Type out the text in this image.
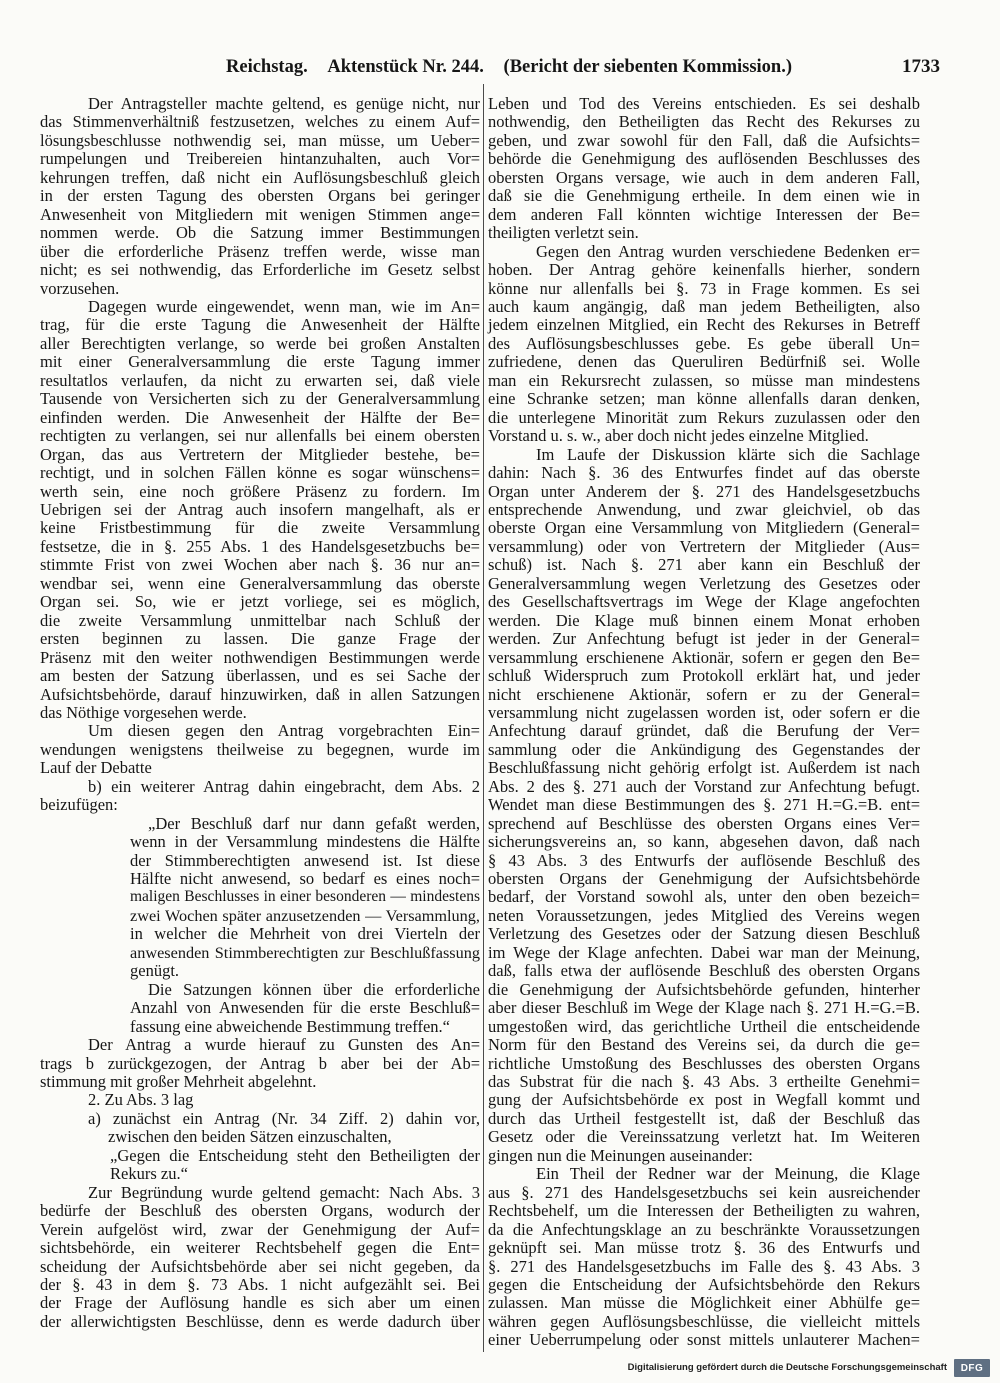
Reichstag. Aktenstück Nr. 244. (Bericht der siebenten Kommission.)	1733
Der Antragsteller machte geltend, es genüge nicht, nur
das Stimmenverhältniß festzusetzen, welches zu einem Auf=
lösungsbeschlusse nothwendig sei, man müsse, um Ueber=
rumpelungen und Treibereien hintanzuhalten, auch Vor=
kehrungen treffen, daß nicht ein Auflösungsbeschluß gleich
in der ersten Tagung des obersten Organs bei geringer
Anwesenheit von Mitgliedern mit wenigen Stimmen ange=
nommen werde. Ob die Satzung immer Bestimmungen
über die erforderliche Präsenz treffen werde, wisse man
nicht; es sei nothwendig, das Erforderliche im Gesetz selbst
vorzusehen.
Dagegen wurde eingewendet, wenn man, wie im An=
trag, für die erste Tagung die Anwesenheit der Hälfte
aller Berechtigten verlange, so werde bei großen Anstalten
mit einer Generalversammlung die erste Tagung immer
resultatlos verlaufen, da nicht zu erwarten sei, daß viele
Tausende von Versicherten sich zu der Generalversammlung
einfinden werden. Die Anwesenheit der Hälfte der Be=
rechtigten zu verlangen, sei nur allenfalls bei einem obersten
Organ, das aus Vertretern der Mitglieder bestehe, be=
rechtigt, und in solchen Fällen könne es sogar wünschens=
werth sein, eine noch größere Präsenz zu fordern. Im
Uebrigen sei der Antrag auch insofern mangelhaft, als er
keine Fristbestimmung für die zweite Versammlung
festsetze, die in §. 255 Abs. 1 des Handelsgesetzbuchs be=
stimmte Frist von zwei Wochen aber nach §. 36 nur an=
wendbar sei, wenn eine Generalversammlung das oberste
Organ sei. So, wie er jetzt vorliege, sei es möglich,
die zweite Versammlung unmittelbar nach Schluß der
ersten beginnen zu lassen. Die ganze Frage der
Präsenz mit den weiter nothwendigen Bestimmungen werde
am besten der Satzung überlassen, und es sei Sache der
Aufsichtsbehörde, darauf hinzuwirken, daß in allen Satzungen
das Nöthige vorgesehen werde.
Um diesen gegen den Antrag vorgebrachten Ein=
wendungen wenigstens theilweise zu begegnen, wurde im
Lauf der Debatte
b) ein weiterer Antrag dahin eingebracht, dem Abs. 2
beizufügen:
„Der Beschluß darf nur dann gefaßt werden,
wenn in der Versammlung mindestens die Hälfte
der Stimmberechtigten anwesend ist. Ist diese
Hälfte nicht anwesend, so bedarf es eines noch=
maligen Beschlusses in einer besonderen — mindestens
zwei Wochen später anzusetzenden — Versammlung,
in welcher die Mehrheit von drei Vierteln der
anwesenden Stimmberechtigten zur Beschlußfassung
genügt.
Die Satzungen können über die erforderliche
Anzahl von Anwesenden für die erste Beschluß=
fassung eine abweichende Bestimmung treffen.“
Der Antrag a wurde hierauf zu Gunsten des An=
trags b zurückgezogen, der Antrag b aber bei der Ab=
stimmung mit großer Mehrheit abgelehnt.
2. Zu Abs. 3 lag
a) zunächst ein Antrag (Nr. 34 Ziff. 2) dahin vor,
zwischen den beiden Sätzen einzuschalten,
„Gegen die Entscheidung steht den Betheiligten der
Rekurs zu.“
Zur Begründung wurde geltend gemacht: Nach Abs. 3
bedürfe der Beschluß des obersten Organs, wodurch der
Verein aufgelöst wird, zwar der Genehmigung der Auf=
sichtsbehörde, ein weiterer Rechtsbehelf gegen die Ent=
scheidung der Aufsichtsbehörde aber sei nicht gegeben, da
der §. 43 in dem §. 73 Abs. 1 nicht aufgezählt sei. Bei
der Frage der Auflösung handle es sich aber um einen
der allerwichtigsten Beschlüsse, denn es werde dadurch über
Leben und Tod des Vereins entschieden. Es sei deshalb
nothwendig, den Betheiligten das Recht des Rekurses zu
geben, und zwar sowohl für den Fall, daß die Aufsichts=
behörde die Genehmigung des auflösenden Beschlusses des
obersten Organs versage, wie auch in dem anderen Fall,
daß sie die Genehmigung ertheile. In dem einen wie in
dem anderen Fall könnten wichtige Interessen der Be=
theiligten verletzt sein.
Gegen den Antrag wurden verschiedene Bedenken er=
hoben. Der Antrag gehöre keinenfalls hierher, sondern
könne nur allenfalls bei §. 73 in Frage kommen. Es sei
auch kaum angängig, daß man jedem Betheiligten, also
jedem einzelnen Mitglied, ein Recht des Rekurses in Betreff
des Auflösungsbeschlusses gebe. Es gebe überall Un=
zufriedene, denen das Queruliren Bedürfniß sei. Wolle
man ein Rekursrecht zulassen, so müsse man mindestens
eine Schranke setzen; man könne allenfalls daran denken,
die unterlegene Minorität zum Rekurs zuzulassen oder den
Vorstand u. s. w., aber doch nicht jedes einzelne Mitglied.
Im Laufe der Diskussion klärte sich die Sachlage
dahin: Nach §. 36 des Entwurfes findet auf das oberste
Organ unter Anderem der §. 271 des Handelsgesetzbuchs
entsprechende Anwendung, und zwar gleichviel, ob das
oberste Organ eine Versammlung von Mitgliedern (General=
versammlung) oder von Vertretern der Mitglieder (Aus=
schuß) ist. Nach §. 271 aber kann ein Beschluß der
Generalversammlung wegen Verletzung des Gesetzes oder
des Gesellschaftsvertrags im Wege der Klage angefochten
werden. Die Klage muß binnen einem Monat erhoben
werden. Zur Anfechtung befugt ist jeder in der General=
versammlung erschienene Aktionär, sofern er gegen den Be=
schluß Widerspruch zum Protokoll erklärt hat, und jeder
nicht erschienene Aktionär, sofern er zu der General=
versammlung nicht zugelassen worden ist, oder sofern er die
Anfechtung darauf gründet, daß die Berufung der Ver=
sammlung oder die Ankündigung des Gegenstandes der
Beschlußfassung nicht gehörig erfolgt ist. Außerdem ist nach
Abs. 2 des §. 271 auch der Vorstand zur Anfechtung befugt.
Wendet man diese Bestimmungen des §. 271 H.=G.=B. ent=
sprechend auf Beschlüsse des obersten Organs eines Ver=
sicherungsvereins an, so kann, abgesehen davon, daß nach
§ 43 Abs. 3 des Entwurfs der auflösende Beschluß des
obersten Organs der Genehmigung der Aufsichtsbehörde
bedarf, der Vorstand sowohl als, unter den oben bezeich=
neten Voraussetzungen, jedes Mitglied des Vereins wegen
Verletzung des Gesetzes oder der Satzung diesen Beschluß
im Wege der Klage anfechten. Dabei war man der Meinung,
daß, falls etwa der auflösende Beschluß des obersten Organs
die Genehmigung der Aufsichtsbehörde gefunden, hinterher
aber dieser Beschluß im Wege der Klage nach §. 271 H.=G.=B.
umgestoßen wird, das gerichtliche Urtheil die entscheidende
Norm für den Bestand des Vereins sei, da durch die ge=
richtliche Umstoßung des Beschlusses des obersten Organs
das Substrat für die nach §. 43 Abs. 3 ertheilte Genehmi=
gung der Aufsichtsbehörde ex post in Wegfall kommt und
durch das Urtheil festgestellt ist, daß der Beschluß das
Gesetz oder die Vereinssatzung verletzt hat. Im Weiteren
gingen nun die Meinungen auseinander:
Ein Theil der Redner war der Meinung, die Klage
aus §. 271 des Handelsgesetzbuchs sei kein ausreichender
Rechtsbehelf, um die Interessen der Betheiligten zu wahren,
da die Anfechtungsklage an zu beschränkte Voraussetzungen
geknüpft sei. Man müsse trotz §. 36 des Entwurfs und
§. 271 des Handelsgesetzbuchs im Falle des §. 43 Abs. 3
gegen die Entscheidung der Aufsichtsbehörde den Rekurs
zulassen. Man müsse die Möglichkeit einer Abhülfe ge=
währen gegen Auflösungsbeschlüsse, die vielleicht mittels
einer Ueberrumpelung oder sonst mittels unlauterer Machen=
Digitalisierung gefördert durch die Deutsche Forschungsgemeinschaft DFG
